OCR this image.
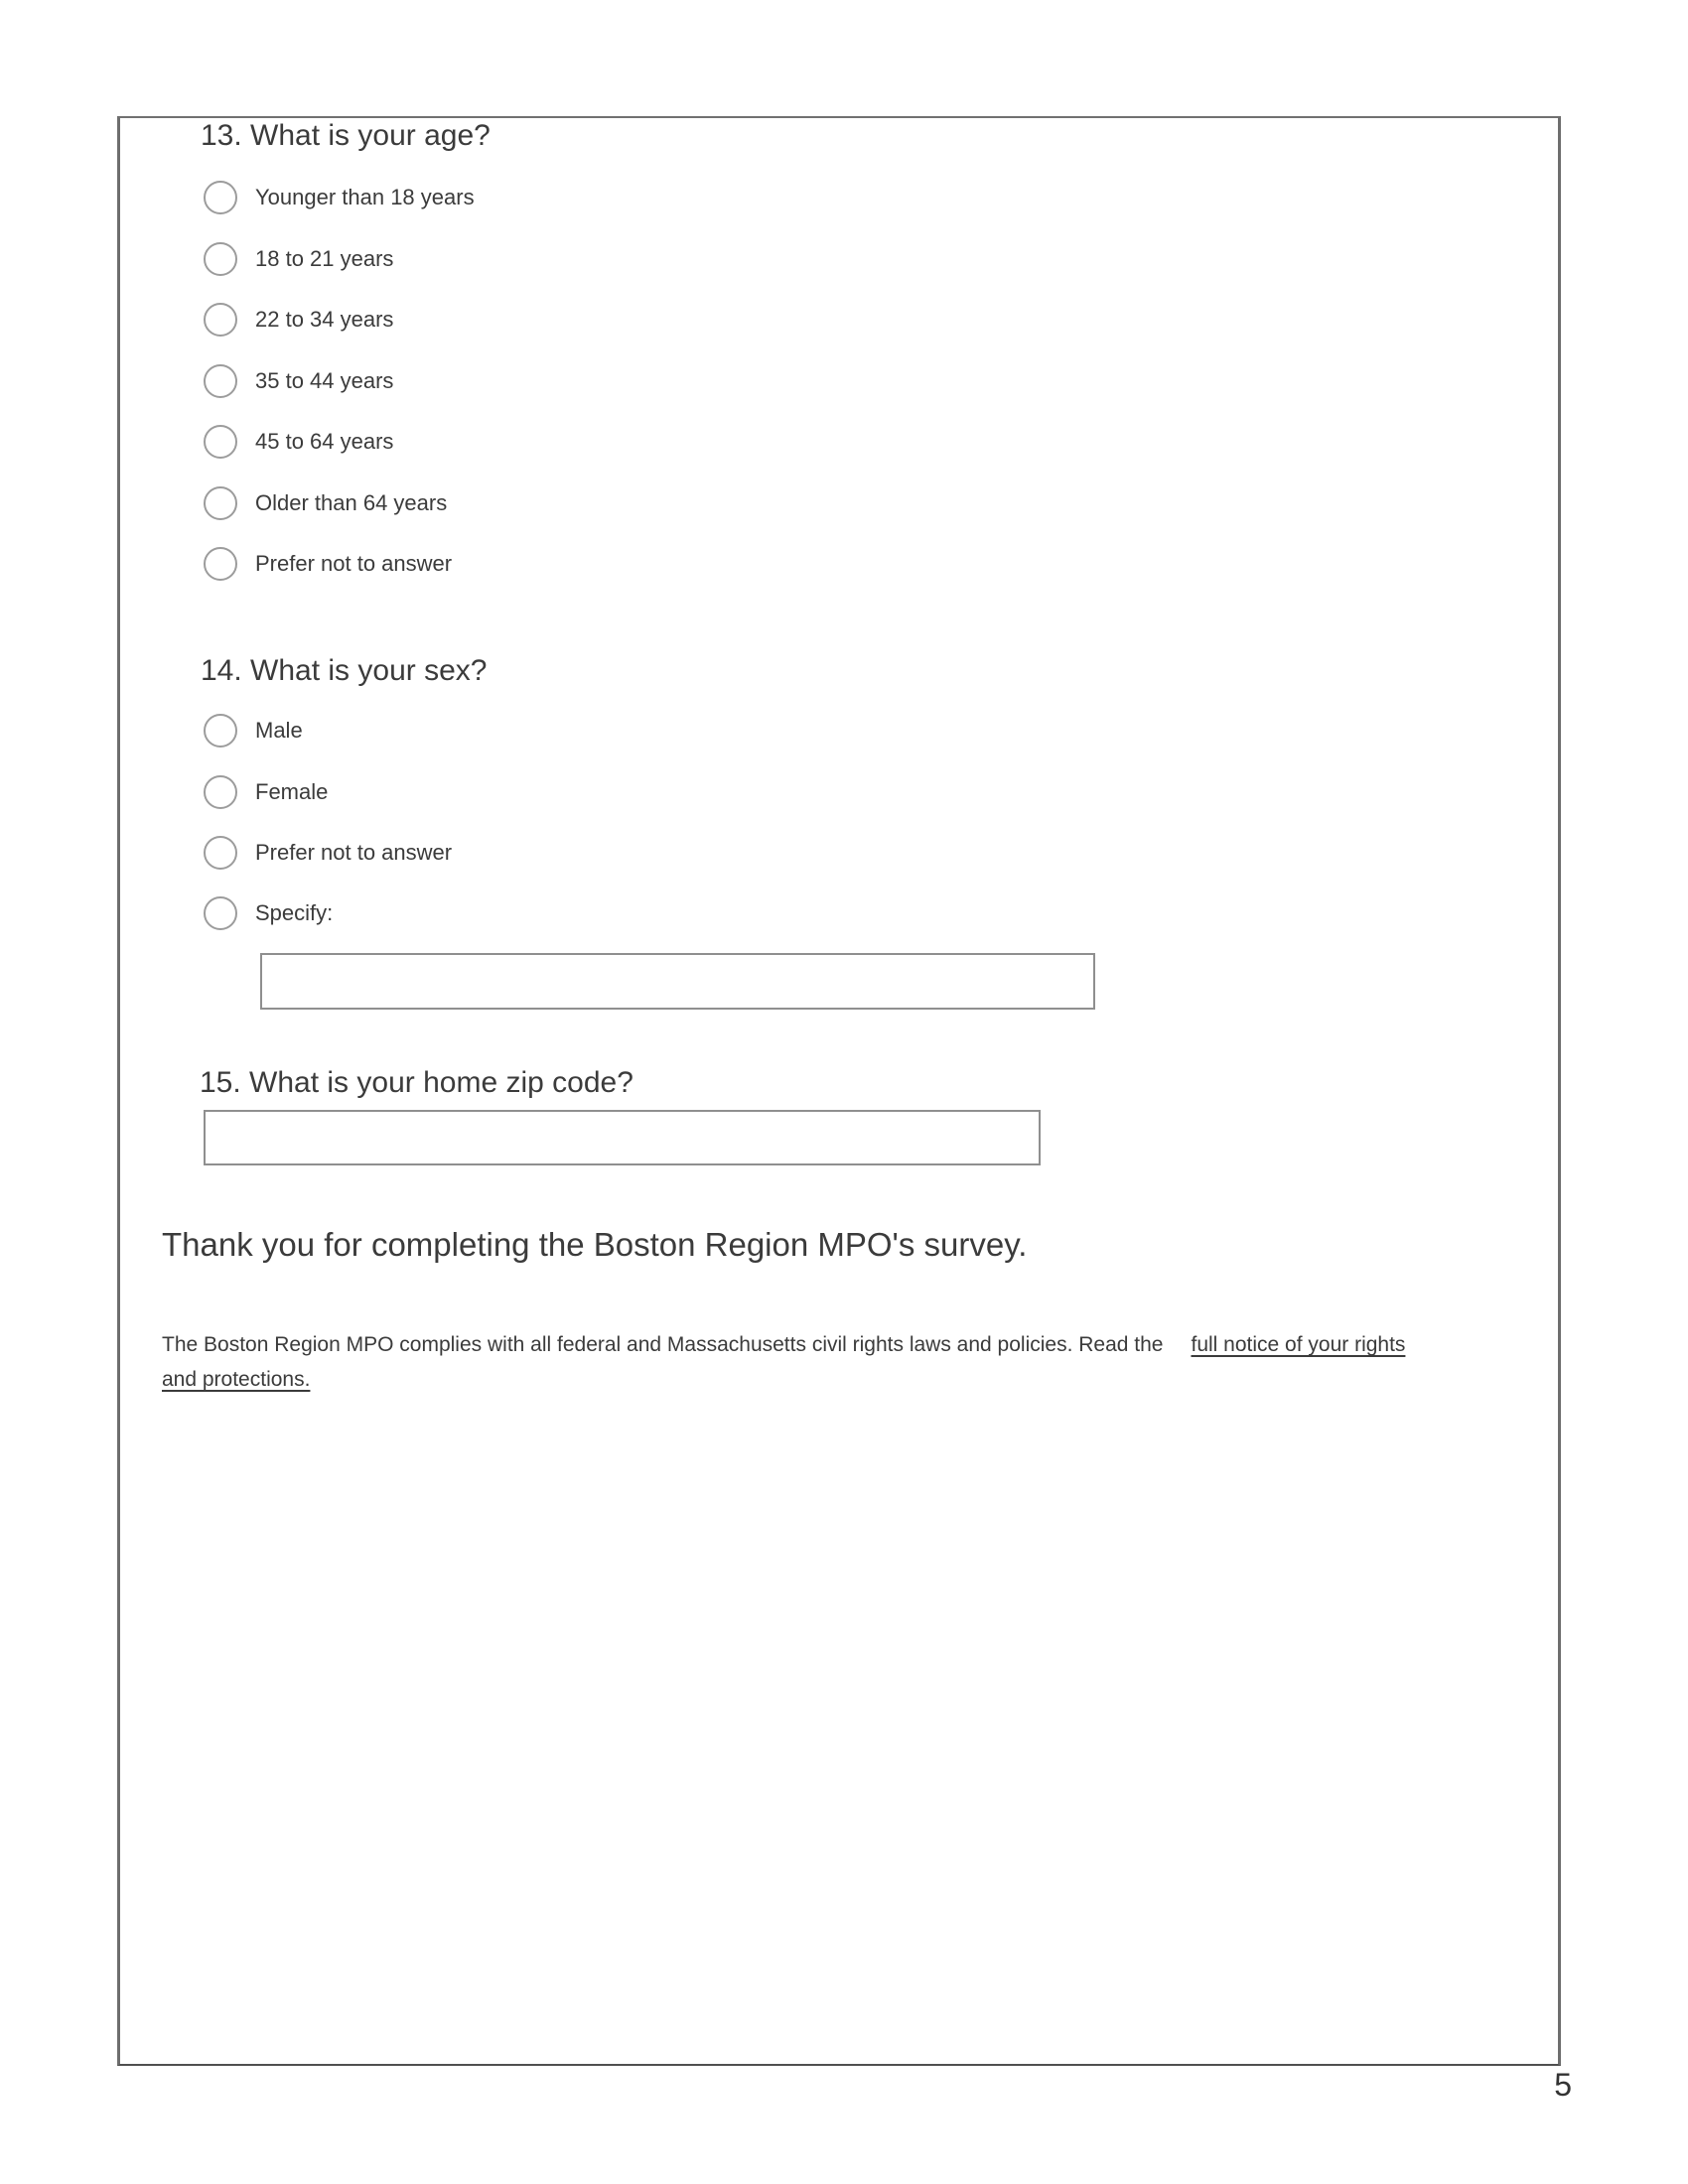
13. What is your age?
Younger than 18 years
18 to 21 years
22 to 34 years
35 to 44 years
45 to 64 years
Older than 64 years
Prefer not to answer
14. What is your sex?
Male
Female
Prefer not to answer
Specify:
15. What is your home zip code?
Thank you for completing the Boston Region MPO's survey.
The Boston Region MPO complies with all federal and Massachusetts civil rights laws and policies. Read the full notice of your rights
and protections.
5
